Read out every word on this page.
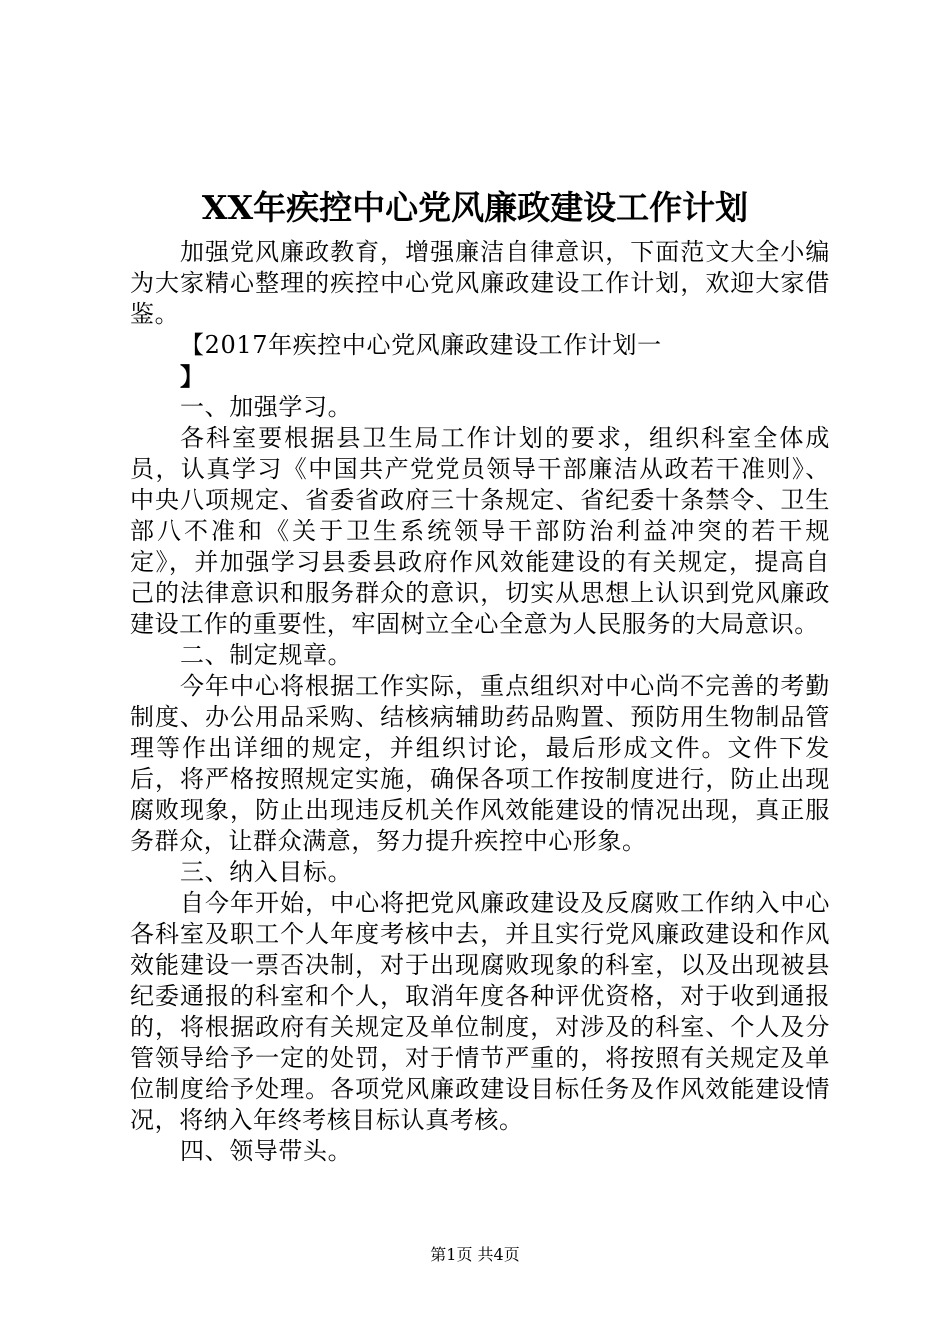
XX年疾控中心党风廉政建设工作计划

加强党风廉政教育，增强廉洁自律意识，下面范文大全小编为大家精心整理的疾控中心党风廉政建设工作计划，欢迎大家借鉴。

【2017年疾控中心党风廉政建设工作计划一

】

一、加强学习。

各科室要根据县卫生局工作计划的要求，组织科室全体成员，认真学习《中国共产党党员领导干部廉洁从政若干准则》、中央八项规定、省委省政府三十条规定、省纪委十条禁令、卫生部八不准和《关于卫生系统领导干部防治利益冲突的若干规定》，并加强学习县委县政府作风效能建设的有关规定，提高自己的法律意识和服务群众的意识，切实从思想上认识到党风廉政建设工作的重要性，牢固树立全心全意为人民服务的大局意识。

二、制定规章。

今年中心将根据工作实际，重点组织对中心尚不完善的考勤制度、办公用品采购、结核病辅助药品购置、预防用生物制品管理等作出详细的规定，并组织讨论，最后形成文件。文件下发后，将严格按照规定实施，确保各项工作按制度进行，防止出现腐败现象，防止出现违反机关作风效能建设的情况出现，真正服务群众，让群众满意，努力提升疾控中心形象。

三、纳入目标。

自今年开始，中心将把党风廉政建设及反腐败工作纳入中心各科室及职工个人年度考核中去，并且实行党风廉政建设和作风效能建设一票否决制，对于出现腐败现象的科室，以及出现被县纪委通报的科室和个人，取消年度各种评优资格，对于收到通报的，将根据政府有关规定及单位制度，对涉及的科室、个人及分管领导给予一定的处罚，对于情节严重的，将按照有关规定及单位制度给予处理。各项党风廉政建设目标任务及作风效能建设情况，将纳入年终考核目标认真考核。

四、领导带头。

第1页 共4页
